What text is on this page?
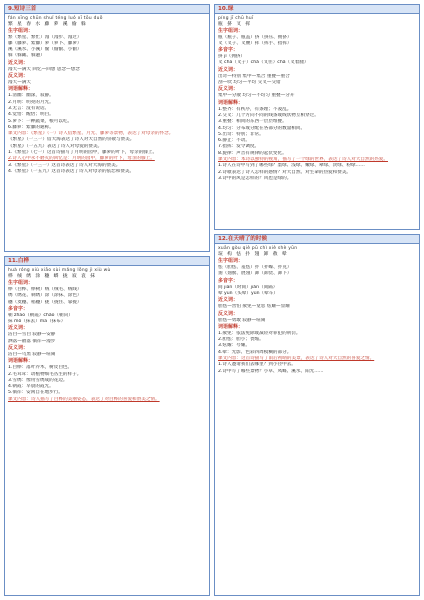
9.短诗三首
fán xīng chūn shuǐ téng luó xī tōu duǒ
繁 星 春 水 藤 萝 溪 偷 躲
生字组词：
繁（繁星、繁忙）漫（漫步、漫过）
藤（藤萝、紫藤）萝（萝卜、藤萝）
溪（溪水、小溪）偷（偷偷、小偷）
躲（躲藏、躲避）
近义词：
漫天—满天 回忆—回想 思念—想念
反义词：
漫天—满天
词语解释：
1.清幽：幽深，寂静。
2.月明：明亮的月光。
3.无言：没有说话。
4.觉悟：醒悟；明白。
5.萝卜：一种蔬菜，根可以吃。
6.藤萝：紫藤的通称。
课文内容：《繁星》（一）诗人借繁星、月光、藤萝等景物，表达了对母亲的怀念。
《繁星》（一三一）借大海表达了诗人对大自然的崇敬与赞美。
《繁星》（一五九）表达了诗人对母爱的赞美。
1.《繁星》（七一）这首诗描写了月明的园中，藤萝的叶下，母亲的膝上。
2.诗人心中永不磨灭的回忆是：月明的园中，藤萝的叶下，母亲的膝上。
3.《繁星》（一三一）这首诗表达了诗人对大海的赞美。
4.《繁星》（一五九）这首诗表达了诗人对母亲的依恋和赞美。
11.白桦
huà róng xiù xiāo sùi mǎng lǒng jì xiù wù
桦 绒 绣 涂 穗 蟒 拢 寂 袁 抹
生字组词：
桦（白桦、桦树）绒（绒毛、绒线）
绣（绣花、刺绣）涂（涂抹、涂色）
穗（麦穗、稻穗）拢（拢住、靠拢）
多音字：
朝 zhāo（朝霞）cháo（朝向）
抹 mǒ（抹去）mā（抹布）
近义词：
洁白—雪白 寂静—安静
洒落—散落 徜徉—漫步
反义词：
洁白—乌黑 寂静—喧闹
词语解释：
1.白桦：落叶乔木，树皮白色。
2.毛茸茸：动植物细毛丛生的样子。
3.雪绣：像用雪绣成的花边。
4.朝霞：早晨的霞光。
5.徜徉：安闲自在地步行。
课文内容：诗人描写了白桦的美丽姿态，表达了对白桦的喜爱和赞美之情。
10.绿
píng jī chū huī
瓶 挤 叉 挥
生字组词：
瓶（瓶子、瓶盖）挤（挤压、拥挤）
叉（叉子、叉腰）挥（挥手、指挥）
多音字：
挤 jǐ（拥挤）
叉 chā（叉子）chá（叉住）chǎ（叉着腿）
近义词：
出奇—特别 集中—集合 重叠—重合
刮—吹 均匀—平均 交叉—交错
反义词：
集中—分散 均匀—不均匀 重叠—分开
词语解释：
1.整齐：有秩序，有条理；不凌乱。
2.交叉：几个方向不同的线条或线状物互相穿过。
3.重叠：相同的东西一层层堆叠。
4.均匀：分布或分配在各部分的数量相同。
5.出奇：特别；非常。
6.静止：不动。
7.指挥：发令调度。
8.旋律：声音有规律的起伏变化。
课文内容：本诗以独特的视角，描写了一个绿的世界，表达了诗人对大自然的热爱。
1.诗人在诗中写到了哪些绿？墨绿、浅绿、嫩绿、翠绿、淡绿、粉绿……
2.诗歌表达了诗人怎样的感情？对大自然、对生命的热爱和赞美。
3.诗中的风是怎样的？风也是绿的。
12.在天晴了的时候
xuān gòu qiè pū chì xiè shè yūn
瑄 构 怯 扑 翅 卸 赦 晕
生字组词：
怯（胆怯、羞怯）扑（扑蝶、扑克）
翅（翅膀、展翅）卸（卸货、卸下）
多音字：
间 jiān（时间）jiàn（间隔）
晕 yūn（头晕）yùn（晕车）
近义词：
胆怯—害怕 赦免—宽恕 炫耀—显耀
反义词：
胆怯—勇敢 寂静—喧闹
词语解释：
1.赦免：依法免除或减轻对罪犯的刑罚。
2.胆怯：胆小；畏缩。
3.炫耀：夸耀。
4.晕：光影、色彩四周模糊的部分。
课文内容：这首诗描写了雨后初晴的美景，表达了诗人对大自然的喜爱之情。
1.诗人邀请我们去哪里？到小径中去。
2.诗中写了哪些景物？小草、凤蝶、溪水、阳光……
